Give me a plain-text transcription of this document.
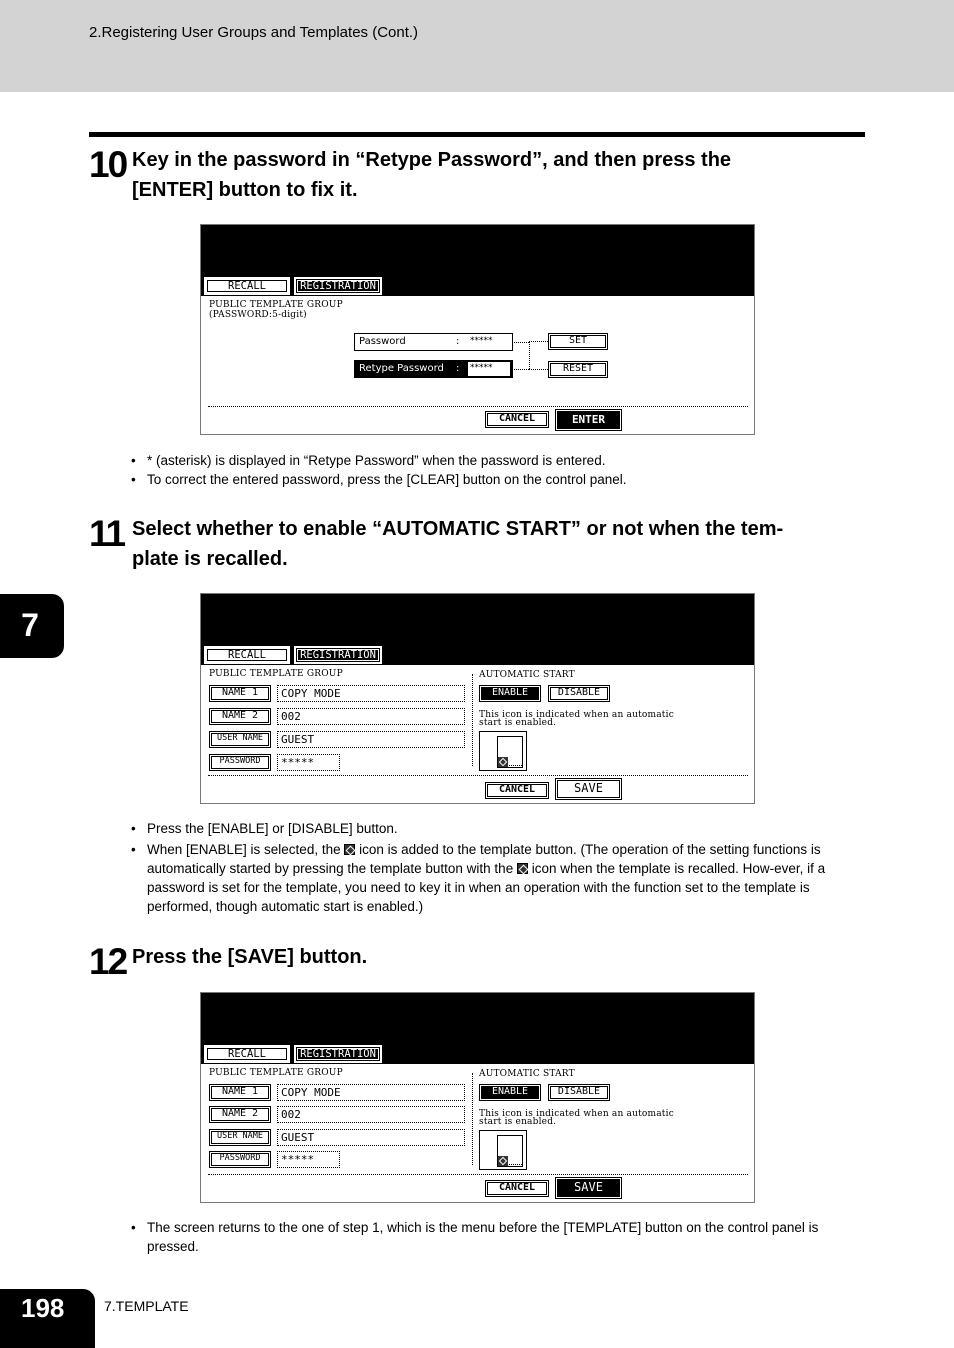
2.Registering User Groups and Templates (Cont.)
10 Key in the password in “Retype Password”, and then press the
[ENTER] button to fix it.
RECALL	REGISTRATION
PUBLIC TEMPLATE GROUP
(PASSWORD:5-digit)
Password	: *****
Retype Password : *****
SET
RESET
CANCEL	ENTER
• * (asterisk) is displayed in “Retype Password” when the password is entered.
• To correct the entered password, press the [CLEAR] button on the control panel.
11 Select whether to enable “AUTOMATIC START” or not when the tem-
plate is recalled.
RECALL	REGISTRATION
PUBLIC TEMPLATE GROUP
NAME 1	COPY MODE
NAME 2	002
USER NAME	GUEST
PASSWORD	*****
AUTOMATIC START
ENABLE	DISABLE
This icon is indicated when an automatic
start is enabled.
CANCEL	SAVE
• Press the [ENABLE] or [DISABLE] button.
• When [ENABLE] is selected, the icon is added to the template button. (The operation of the setting functions is automatically started by pressing the template button with the icon when the template is recalled. How-ever, if a password is set for the template, you need to key it in when an operation with the function set to the template is performed, though automatic start is enabled.)
12 Press the [SAVE] button.
RECALL	REGISTRATION
PUBLIC TEMPLATE GROUP
NAME 1	COPY MODE
NAME 2	002
USER NAME	GUEST
PASSWORD	*****
AUTOMATIC START
ENABLE	DISABLE
This icon is indicated when an automatic
start is enabled.
CANCEL	SAVE
• The screen returns to the one of step 1, which is the menu before the [TEMPLATE] button on the control panel is pressed.
7
198	7.TEMPLATE
